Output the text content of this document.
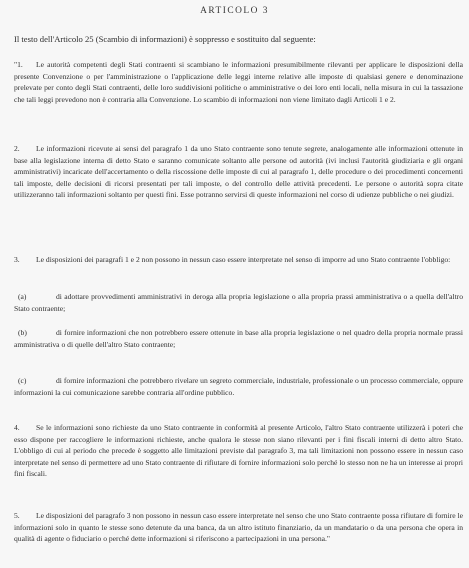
ARTICOLO 3
Il testo dell'Articolo 25 (Scambio di informazioni) è soppresso e sostituito dal seguente:
"1. Le autorità competenti degli Stati contraenti si scambiano le informazioni presumibilmente rilevanti per applicare le disposizioni della presente Convenzione o per l'amministrazione o l'applicazione delle leggi interne relative alle imposte di qualsiasi genere e denominazione prelevate per conto degli Stati contraenti, delle loro suddivisioni politiche o amministrative o dei loro enti locali, nella misura in cui la tassazione che tali leggi prevedono non è contraria alla Convenzione. Lo scambio di informazioni non viene limitato dagli Articoli 1 e 2.
2. Le informazioni ricevute ai sensi del paragrafo 1 da uno Stato contraente sono tenute segrete, analogamente alle informazioni ottenute in base alla legislazione interna di detto Stato e saranno comunicate soltanto alle persone od autorità (ivi inclusi l'autorità giudiziaria e gli organi amministrativi) incaricate dell'accertamento o della riscossione delle imposte di cui al paragrafo 1, delle procedure o dei procedimenti concernenti tali imposte, delle decisioni di ricorsi presentati per tali imposte, o del controllo delle attività precedenti. Le persone o autorità sopra citate utilizzeranno tali informazioni soltanto per questi fini. Esse potranno servirsi di queste informazioni nel corso di udienze pubbliche o nei giudizi.
3. Le disposizioni dei paragrafi 1 e 2 non possono in nessun caso essere interpretate nel senso di imporre ad uno Stato contraente l'obbligo:
(a)	di adottare provvedimenti amministrativi in deroga alla propria legislazione o alla propria prassi amministrativa o a quella dell'altro Stato contraente;
(b)	di fornire informazioni che non potrebbero essere ottenute in base alla propria legislazione o nel quadro della propria normale prassi amministrativa o di quelle dell'altro Stato contraente;
(c)	di fornire informazioni che potrebbero rivelare un segreto commerciale, industriale, professionale o un processo commerciale, oppure informazioni la cui comunicazione sarebbe contraria all'ordine pubblico.
4. Se le informazioni sono richieste da uno Stato contraente in conformità al presente Articolo, l'altro Stato contraente utilizzerà i poteri che esso dispone per raccogliere le informazioni richieste, anche qualora le stesse non siano rilevanti per i fini fiscali interni di detto altro Stato. L'obbligo di cui al periodo che precede è soggetto alle limitazioni previste dal paragrafo 3, ma tali limitazioni non possono essere in nessun caso interpretate nel senso di permettere ad uno Stato contraente di rifiutare di fornire informazioni solo perché lo stesso non ne ha un interesse ai propri fini fiscali.
5. Le disposizioni del paragrafo 3 non possono in nessun caso essere interpretate nel senso che uno Stato contraente possa rifiutare di fornire le informazioni solo in quanto le stesse sono detenute da una banca, da un altro istituto finanziario, da un mandatario o da una persona che opera in qualità di agente o fiduciario o perché dette informazioni si riferiscono a partecipazioni in una persona."
